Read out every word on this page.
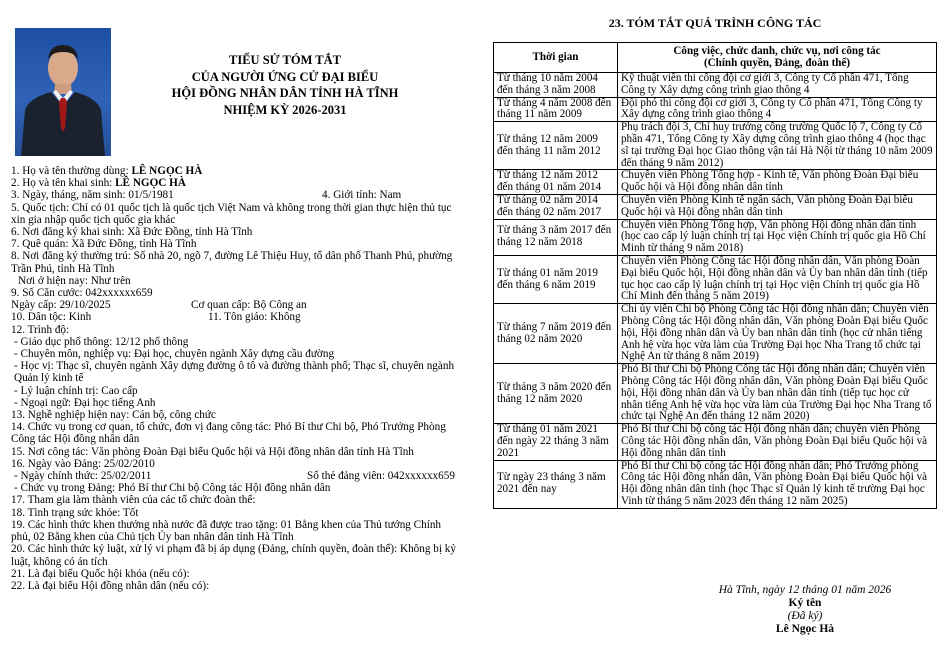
TIỂU SỬ TÓM TẮT
CỦA NGƯỜI ỨNG CỬ ĐẠI BIỂU
HỘI ĐỒNG NHÂN DÂN TỈNH HÀ TĨNH
NHIỆM KỲ 2026-2031

1. Họ và tên thường dùng: LÊ NGỌC HÀ

2. Họ và tên khai sinh: LÊ NGỌC HÀ

3. Ngày, tháng, năm sinh: 01/5/1981	4. Giới tính: Nam

5. Quốc tịch: Chỉ có 01 quốc tịch là quốc tịch Việt Nam và không trong thời gian thực hiện thủ tục xin gia nhập quốc tịch quốc gia khác

6. Nơi đăng ký khai sinh: Xã Đức Đồng, tỉnh Hà Tĩnh

7. Quê quán: Xã Đức Đồng, tỉnh Hà Tĩnh

8. Nơi đăng ký thường trú: Số nhà 20, ngõ 7, đường Lê Thiệu Huy, tổ dân phố Thanh Phú, phường Trần Phú, tỉnh Hà Tĩnh

Nơi ở hiện nay: Như trên

9. Số Căn cước: 042xxxxxx659

Ngày cấp: 29/10/2025	Cơ quan cấp: Bộ Công an

10. Dân tộc: Kinh	11. Tôn giáo: Không

12. Trình độ:

- Giáo dục phổ thông: 12/12 phổ thông

- Chuyên môn, nghiệp vụ: Đại học, chuyên ngành Xây dựng cầu đường

- Học vị: Thạc sĩ, chuyên ngành Xây dựng đường ô tô và đường thành phố; Thạc sĩ, chuyên ngành Quản lý kinh tế

- Lý luận chính trị: Cao cấp

- Ngoại ngữ: Đại học tiếng Anh

13. Nghề nghiệp hiện nay: Cán bộ, công chức

14. Chức vụ trong cơ quan, tổ chức, đơn vị đang công tác: Phó Bí thư Chi bộ, Phó Trưởng Phòng Công tác Hội đồng nhân dân

15. Nơi công tác: Văn phòng Đoàn Đại biểu Quốc hội và Hội đồng nhân dân tỉnh Hà Tĩnh

16. Ngày vào Đảng: 25/02/2010

- Ngày chính thức: 25/02/2011	Số thẻ đảng viên: 042xxxxxx659

- Chức vụ trong Đảng: Phó Bí thư Chi bộ Công tác Hội đồng nhân dân

17. Tham gia làm thành viên của các tổ chức đoàn thể:

18. Tình trạng sức khỏe: Tốt

19. Các hình thức khen thưởng nhà nước đã được trao tặng: 01 Bằng khen của Thủ tướng Chính phủ, 02 Bằng khen của Chủ tịch Ủy ban nhân dân tỉnh Hà Tĩnh

20. Các hình thức kỷ luật, xử lý vi phạm đã bị áp dụng (Đảng, chính quyền, đoàn thể): Không bị kỷ luật, không có án tích

21. Là đại biểu Quốc hội khóa (nếu có):

22. Là đại biểu Hội đồng nhân dân (nếu có):

23. TÓM TẮT QUÁ TRÌNH CÔNG TÁC
Thời gian	Công việc, chức danh, chức vụ, nơi công tác
(Chính quyền, Đảng, đoàn thể)

Từ tháng 10 năm 2004 đến tháng 3 năm 2008	Kỹ thuật viên thi công đội cơ giới 3, Công ty Cổ phần 471, Tổng Công ty Xây dựng công trình giao thông 4
Từ tháng 4 năm 2008 đến tháng 11 năm 2009	Đội phó thi công đội cơ giới 3, Công ty Cổ phần 471, Tổng Công ty Xây dựng công trình giao thông 4
Từ tháng 12 năm 2009 đến tháng 11 năm 2012	Phụ trách đội 3, Chỉ huy trưởng công trường Quốc lộ 7, Công ty Cổ phần 471, Tổng Công ty Xây dựng công trình giao thông 4 (học thạc sĩ tại trường Đại học Giao thông vận tải Hà Nội từ tháng 10 năm 2009 đến tháng 9 năm 2012)
Từ tháng 12 năm 2012 đến tháng 01 năm 2014	Chuyên viên Phòng Tổng hợp - Kinh tế, Văn phòng Đoàn Đại biểu Quốc hội và Hội đồng nhân dân tỉnh
Từ tháng 02 năm 2014 đến tháng 02 năm 2017	Chuyên viên Phòng Kinh tế ngân sách, Văn phòng Đoàn Đại biểu Quốc hội và Hội đồng nhân dân tỉnh
Từ tháng 3 năm 2017 đến tháng 12 năm 2018	Chuyên viên Phòng Tổng hợp, Văn phòng Hội đồng nhân dân tỉnh (học cao cấp lý luận chính trị tại Học viện Chính trị quốc gia Hồ Chí Minh từ tháng 9 năm 2018)
Từ tháng 01 năm 2019 đến tháng 6 năm 2019	Chuyên viên Phòng Công tác Hội đồng nhân dân, Văn phòng Đoàn Đại biểu Quốc hội, Hội đồng nhân dân và Ủy ban nhân dân tỉnh (tiếp tục học cao cấp lý luận chính trị tại Học viện Chính trị quốc gia Hồ Chí Minh đến tháng 5 năm 2019)
Từ tháng 7 năm 2019 đến tháng 02 năm 2020	Chi ủy viên Chi bộ Phòng Công tác Hội đồng nhân dân; Chuyên viên Phòng Công tác Hội đồng nhân dân, Văn phòng Đoàn Đại biểu Quốc hội, Hội đồng nhân dân và Ủy ban nhân dân tỉnh (học cử nhân tiếng Anh hệ vừa học vừa làm của Trường Đại học Nha Trang tổ chức tại Nghệ An từ tháng 8 năm 2019)
Từ tháng 3 năm 2020 đến tháng 12 năm 2020	Phó Bí thư Chi bộ Phòng Công tác Hội đồng nhân dân; Chuyên viên Phòng Công tác Hội đồng nhân dân, Văn phòng Đoàn Đại biểu Quốc hội, Hội đồng nhân dân và Ủy ban nhân dân tỉnh (tiếp tục học cử nhân tiếng Anh hệ vừa học vừa làm của Trường Đại học Nha Trang tổ chức tại Nghệ An đến tháng 12 năm 2020)
Từ tháng 01 năm 2021 đến ngày 22 tháng 3 năm 2021	Phó Bí thư Chi bộ công tác Hội đồng nhân dân; chuyên viên Phòng Công tác Hội đồng nhân dân, Văn phòng Đoàn Đại biểu Quốc hội và Hội đồng nhân dân tỉnh
Từ ngày 23 tháng 3 năm 2021 đến nay	Phó Bí thư Chi bộ công tác Hội đồng nhân dân; Phó Trưởng phòng Công tác Hội đồng nhân dân, Văn phòng Đoàn Đại biểu Quốc hội và Hội đồng nhân dân tỉnh (học Thạc sĩ Quản lý kinh tế trường Đại học Vinh từ tháng 5 năm 2023 đến tháng 12 năm 2025)
Hà Tĩnh, ngày 12 tháng 01 năm 2026
Ký tên
(Đã ký)
Lê Ngọc Hà
